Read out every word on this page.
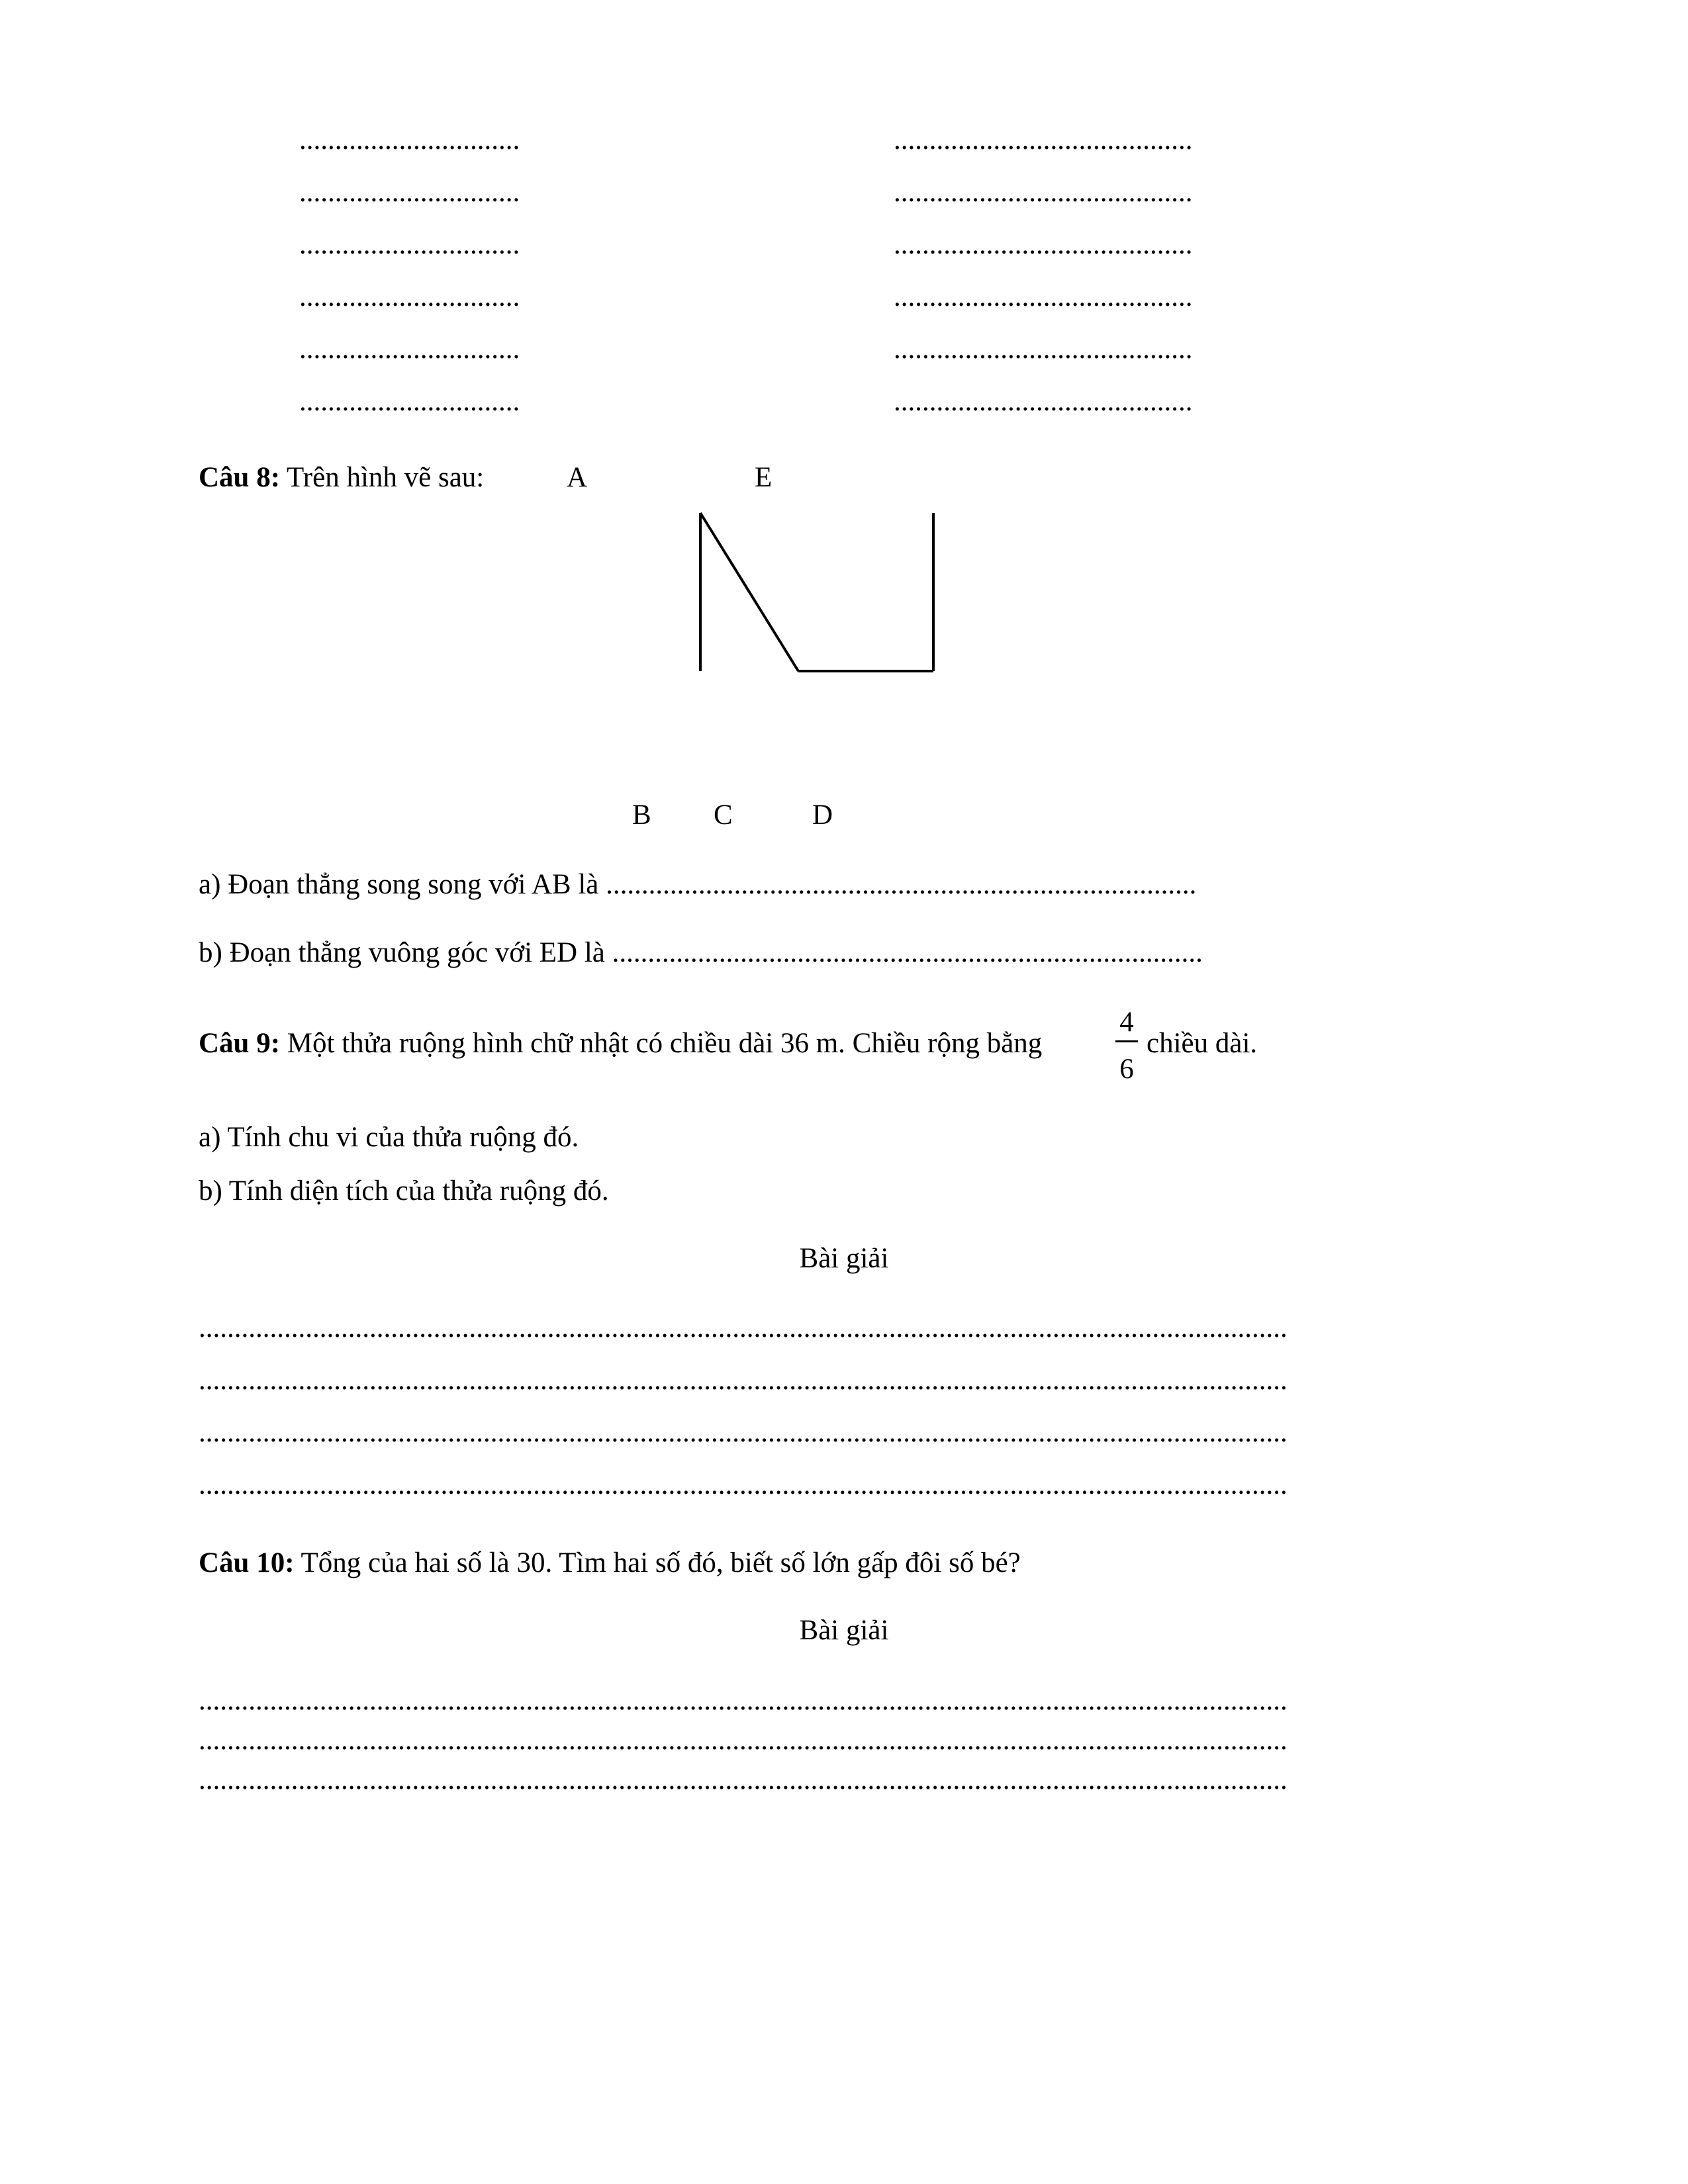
...............................
...............................
...............................
...............................
...............................
...............................
..........................................
..........................................
..........................................
..........................................
..........................................
..........................................
Câu 8: Trên hình vẽ sau:	A	E
B C	D
a) Đoạn thẳng song song với AB là ...................................................................................
b) Đoạn thẳng vuông góc với ED là ...................................................................................
Câu 9: Một thửa ruộng hình chữ nhật có chiều dài 36 m. Chiều rộng bằng
4
6
chiều dài.
a) Tính chu vi của thửa ruộng đó.
b) Tính diện tích của thửa ruộng đó.
Bài giải
.........................................................................................................................................................
.........................................................................................................................................................
.........................................................................................................................................................
.........................................................................................................................................................
Câu 10: Tổng của hai số là 30. Tìm hai số đó, biết số lớn gấp đôi số bé?
Bài giải
.........................................................................................................................................................
.........................................................................................................................................................
.........................................................................................................................................................
